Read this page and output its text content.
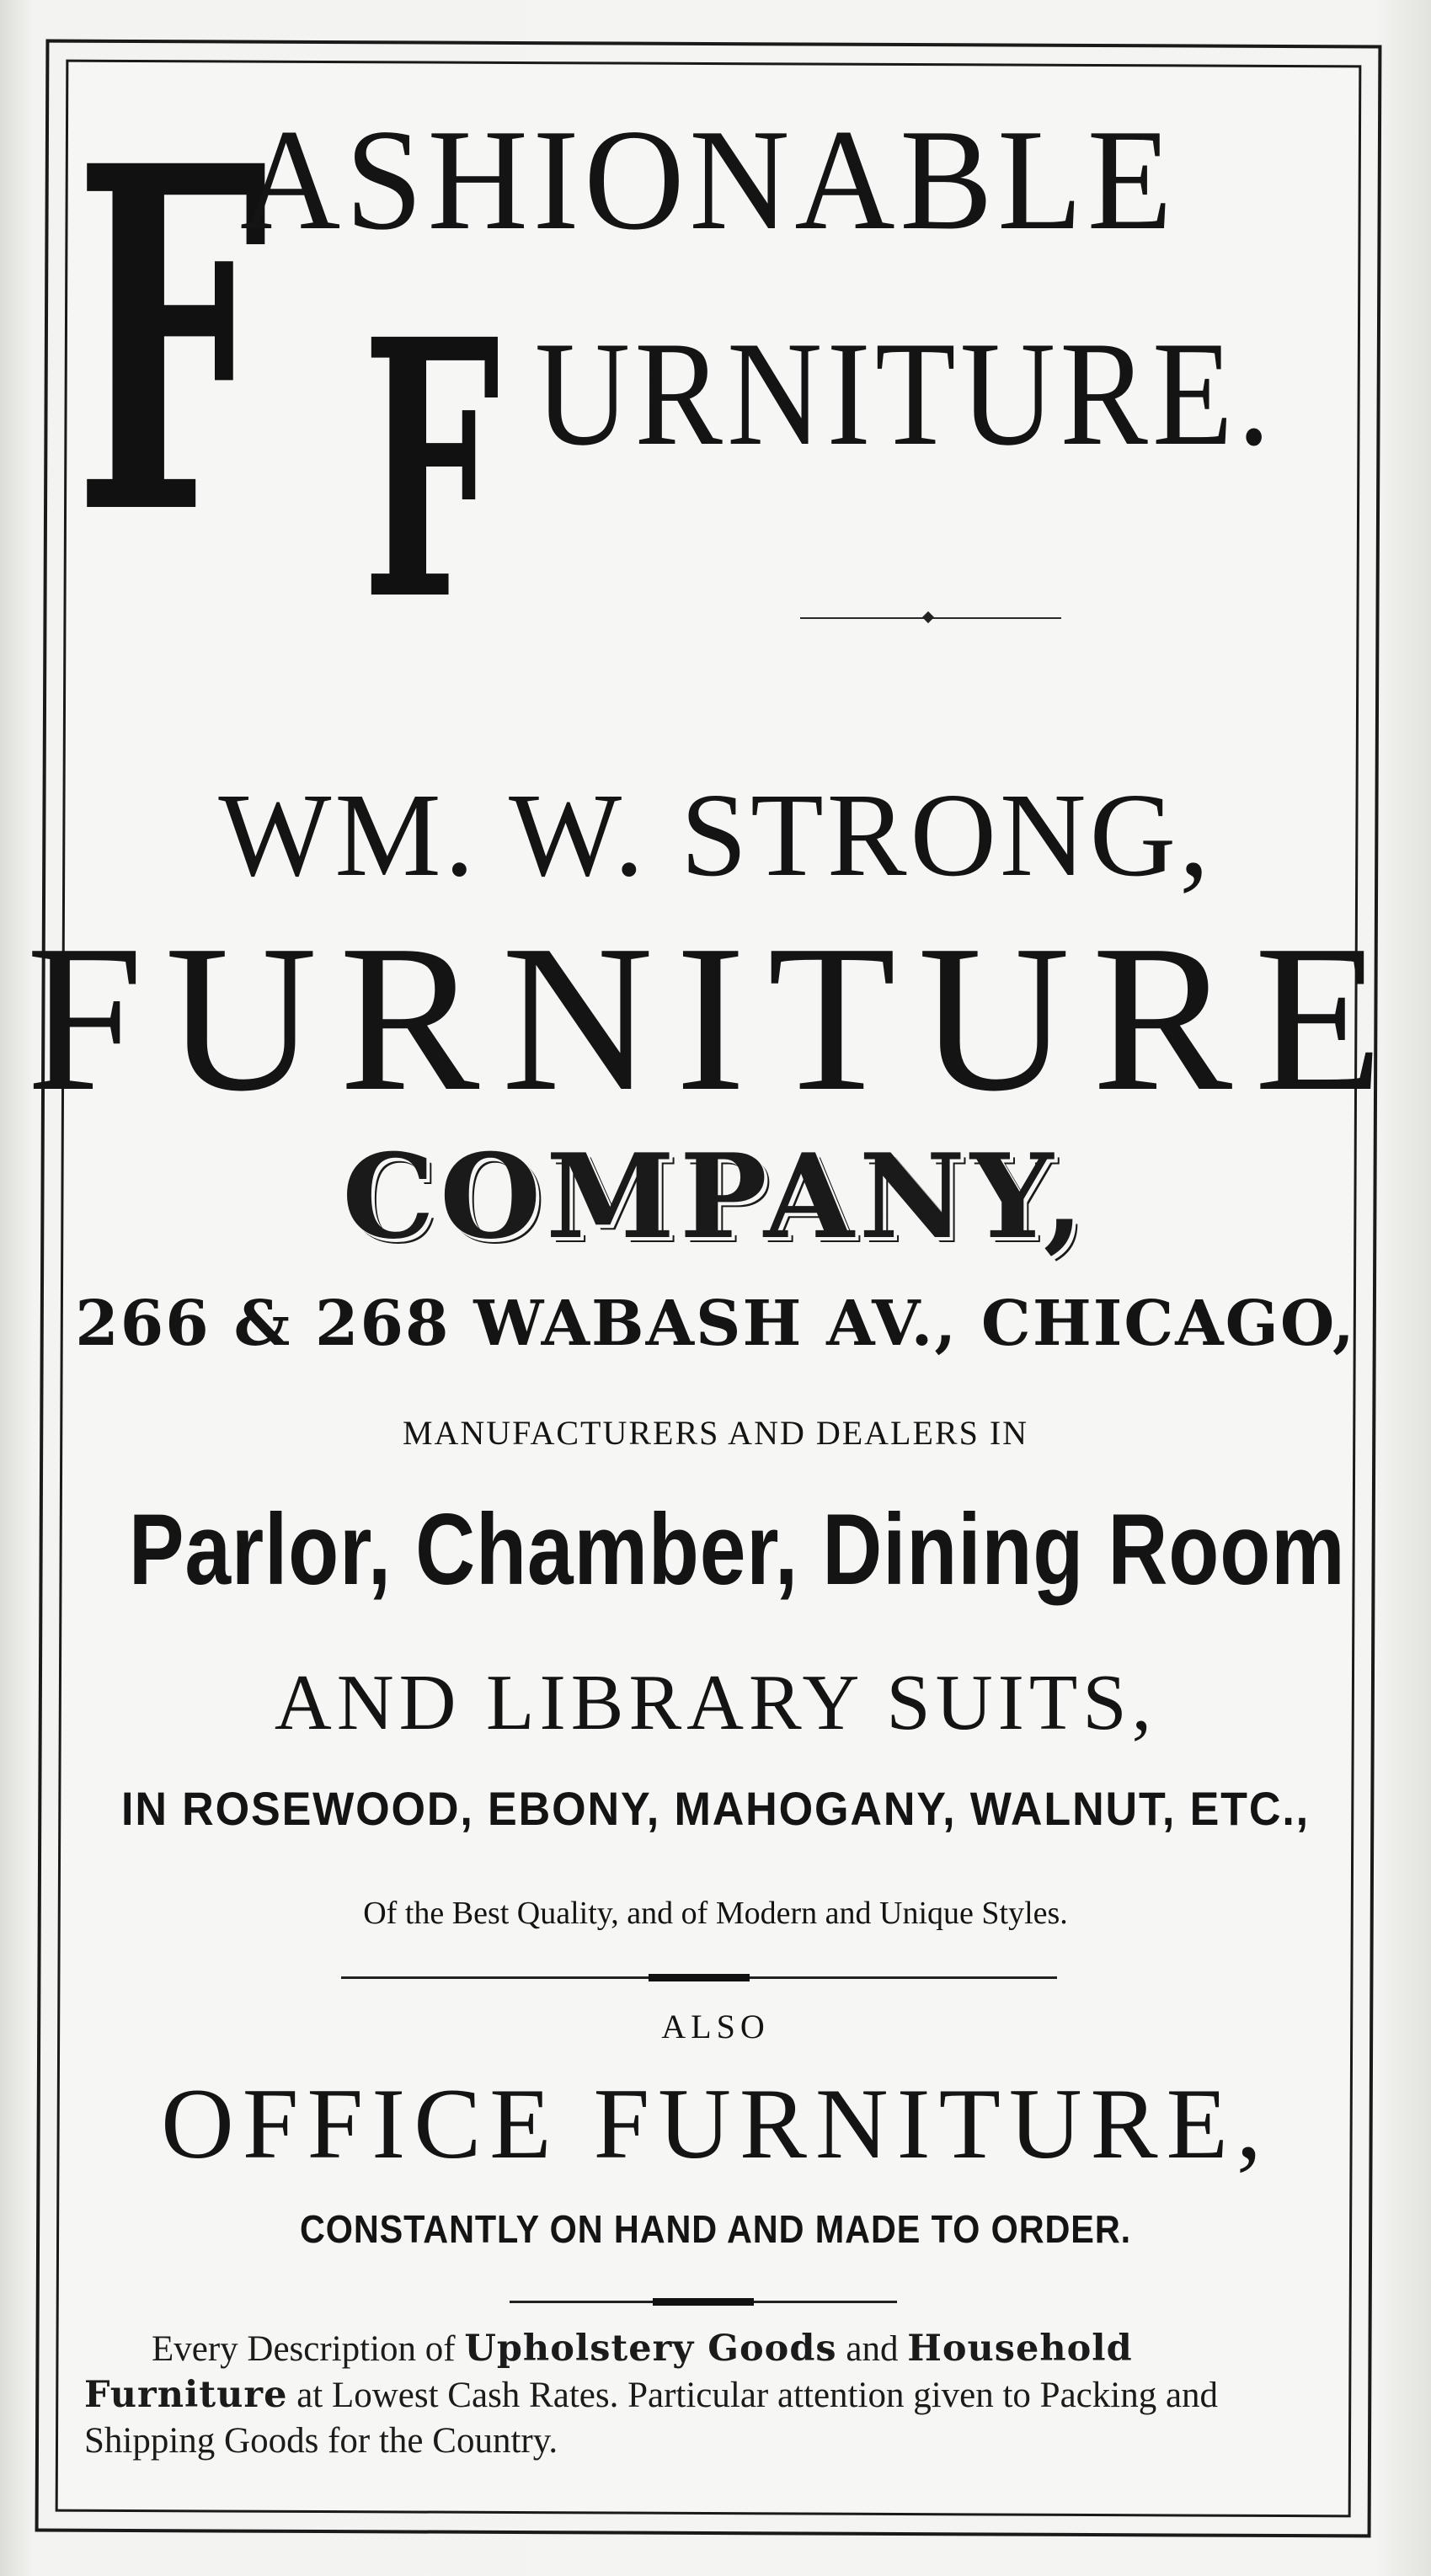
F
ASHIONABLE
F URNITURE.
WM. W. STRONG,
FURNITURE
COMPANY,
266 & 268 WABASH AV., CHICAGO,
MANUFACTURERS AND DEALERS IN
Parlor, Chamber, Dining Room
AND LIBRARY SUITS,
IN ROSEWOOD, EBONY, MAHOGANY, WALNUT, ETC.,
Of the Best Quality, and of Modern and Unique Styles.
ALSO
OFFICE FURNITURE,
CONSTANTLY ON HAND AND MADE TO ORDER.
Every Description of Upholstery Goods and Household Furniture at Lowest Cash Rates. Particular attention given to Packing and Shipping Goods for the Country.
